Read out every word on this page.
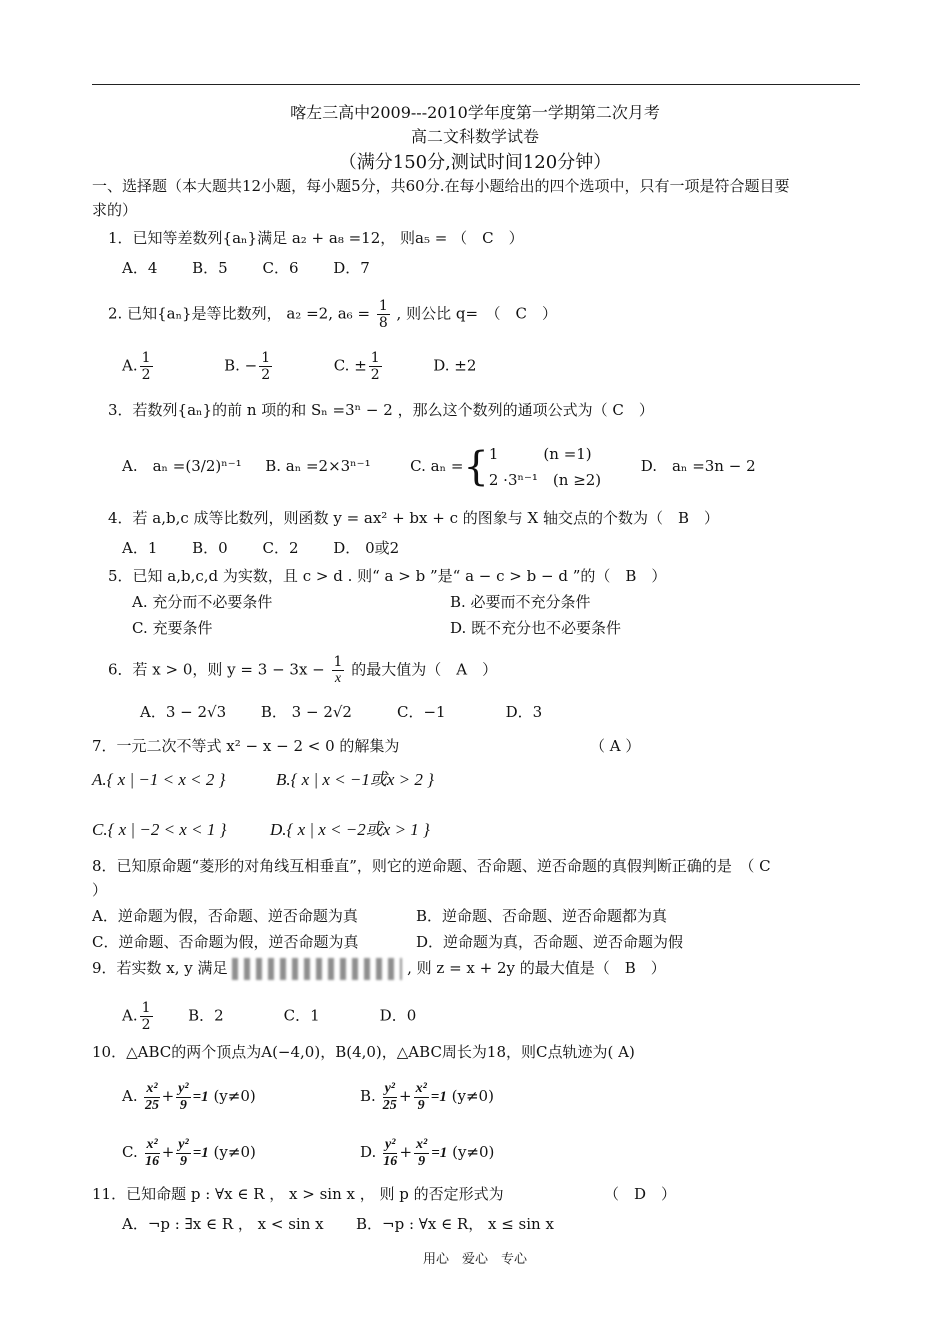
喀左三高中2009---2010学年度第一学期第二次月考
高二文科数学试卷
（满分150分,测试时间120分钟）
一、选择题（本大题共12小题，每小题5分，共60分.在每小题给出的四个选项中，只有一项是符合题目要
求的）
1．已知等差数列{aₙ}满足 a₂ + a₈ =12， 则a₅ = （　C　）
A．4　　 B．5　　 C．6　　 D．7
2. 已知{aₙ}是等比数列， a₂ =2, $a_6 = \frac{1}{8}$ , 则公比 q=　（　C　）
A. $\frac{1}{2}$	B. − $\frac{1}{2}$	C. ± $\frac{1}{2}$	D. ±2
3．若数列{aₙ}的前 n 项的和 Sₙ =3ⁿ − 2 ，那么这个数列的通项公式为（ C　）
A.　aₙ =(3/2)ⁿ⁻¹ B. aₙ =2×3ⁿ⁻¹	C. aₙ ={ 1　　　(n =1)
2 ·3ⁿ⁻¹　(n ≥2)
D.　aₙ =3n − 2
4．若 a,b,c 成等比数列，则函数 y = ax² + bx + c 的图象与 X 轴交点的个数为（　B　）
A．1　　 B．0　　 C．2　　 D． 0或2
5．已知 a,b,c,d 为实数，且 c > d . 则“ a > b ”是“ a − c > b − d ”的（　B　）
A. 充分而不必要条件	B. 必要而不充分条件
C. 充要条件	D. 既不充分也不必要条件
6．若 x > 0，则 $y = 3 - 3x - \frac{1}{x}$ 的最大值为（　A　）
A．3 − 2√3　　 B． 3 − 2√2　　　C．−1　　　　D．3
7．一元二次不等式 x² − x − 2 < 0 的解集为	（ A ）
A.{ x | −1 < x < 2 }	B.{ x | x < −1或x > 2 }
C.{ x | −2 < x < 1 }	D.{ x | x < −2或x > 1 }
8．已知原命题“菱形的对角线互相垂直”，则它的逆命题、否命题、逆否命题的真假判断正确的是　（ C
）
A．逆命题为假，否命题、逆否命题为真	B．逆命题、否命题、逆否命题都为真
C．逆命题、否命题为假，逆否命题为真	D．逆命题为真，否命题、逆否命题为假
9．若实数 x, y 满足	, 则 z = x + 2y 的最大值是（　B　）
A. $\frac{1}{2}$ B．2　　　　C．1　　　　D．0
10．△ABC的两个顶点为A(−4,0)，B(4,0)，△ABC周长为18，则C点轨迹为( A)
A. $\frac{\text{x²}}{25} + \frac{\text{y²}}{9} =1$ (y≠0)	B. $\frac{\text{y²}}{25} + \frac{\text{x²}}{9} =1$ (y≠0)
C. $\frac{\text{x²}}{16} + \frac{\text{y²}}{9} =1$ (y≠0)	D. $\frac{\text{y²}}{16} + \frac{\text{x²}}{9} =1$ (y≠0)
11．已知命题 p : ∀x ∈ R ， x > sin x ， 则 p 的否定形式为	（　D　）
A．¬p : ∃x ∈ R ， x < sin x B．¬p : ∀x ∈ R， x ≤ sin x
用心　爱心　专心
